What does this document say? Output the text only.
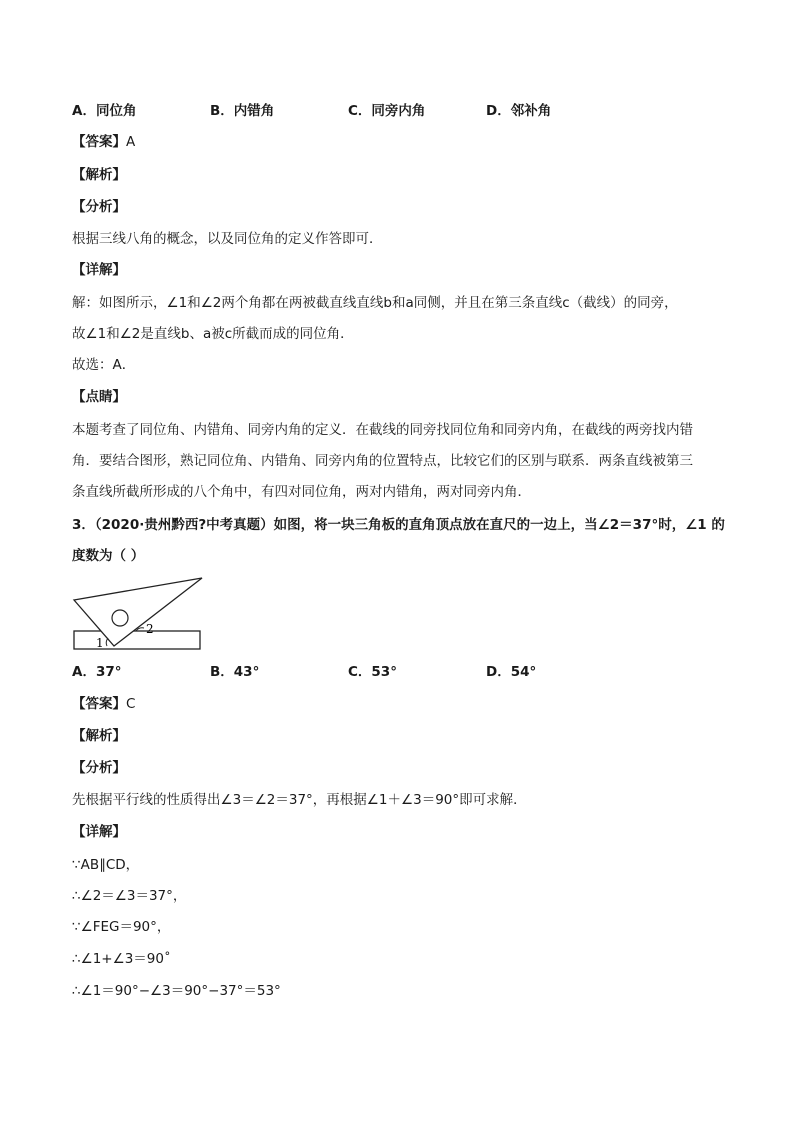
A．同位角	B．内错角	C．同旁内角	D．邻补角
【答案】A
【解析】
【分析】
根据三线八角的概念，以及同位角的定义作答即可．
【详解】
解：如图所示，∠1和∠2两个角都在两被截直线直线b和a同侧，并且在第三条直线c（截线）的同旁，
故∠1和∠2是直线b、a被c所截而成的同位角．
故选：A．
【点睛】
本题考查了同位角、内错角、同旁内角的定义．在截线的同旁找同位角和同旁内角，在截线的两旁找内错
角．要结合图形，熟记同位角、内错角、同旁内角的位置特点，比较它们的区别与联系．两条直线被第三
条直线所截所形成的八个角中，有四对同位角，两对内错角，两对同旁内角．
3．（2020·贵州黔西?中考真题）如图，将一块三角板的直角顶点放在直尺的一边上，当∠2＝37°时，∠1 的
度数为（ ）
1
2
A．37°	B．43°	C．53°	D．54°
【答案】C
【解析】
【分析】
先根据平行线的性质得出∠3＝∠2＝37°，再根据∠1＋∠3＝90°即可求解．
【详解】
∵AB∥CD，
∴∠2＝∠3＝37°，
∵∠FEG＝90°，
∴∠1+∠3＝90˚
∴∠1＝90°−∠3＝90°−37°＝53°
